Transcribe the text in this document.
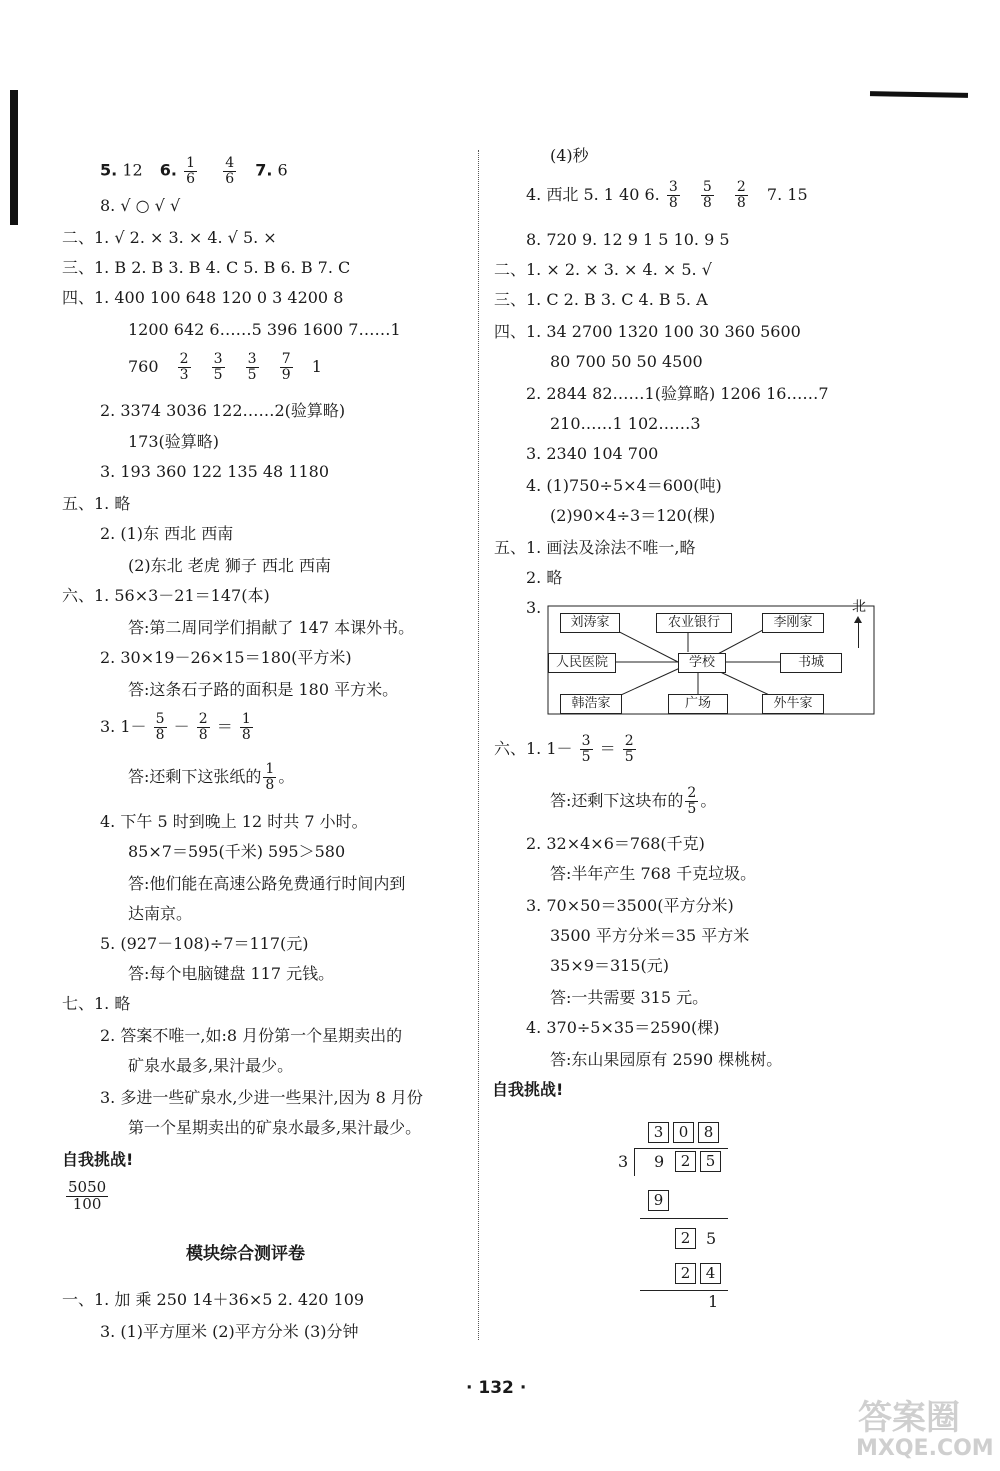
5. 12 6. $\frac{1}{6}$
$\frac{4}{6} 7$. 6
8. √ ○ √ √
二、1. √ 2. × 3. × 4. √ 5. ×
三、1. B 2. B 3. B 4. C 5. B 6. B 7. C
四、1. 400 100 648 120 0 3 4200 8
1200 642 6……5 396 1600 7……1
$760 \frac{2}{3}$
$\frac{3}{5}$
$\frac{3}{5}$
$\frac{7}{9} 1$
2. 3374 3036 122……2(验算略)
173(验算略)
3. 193 360 122 135 48 1180
五、1. 略
2. (1)东 西北 西南
(2)东北 老虎 狮子 西北 西南
六、1. 56×3－21＝147(本)
答:第二周同学们捐献了 147 本课外书。
2. 30×19－26×15＝180(平方米)
答:这条石子路的面积是 180 平方米。
3. $1- \frac{5}{8} - \frac{2}{8} = \frac{1}{8}$
答:还剩下这张纸的 $\frac{1}{8}$ 。
4. 下午 5 时到晚上 12 时共 7 小时。
85×7＝595(千米) 595＞580
答:他们能在高速公路免费通行时间内到
达南京。
5. (927－108)÷7＝117(元)
答:每个电脑键盘 117 元钱。
七、1. 略
2. 答案不唯一,如:8 月份第一个星期卖出的
矿泉水最多,果汁最少。
3. 多进一些矿泉水,少进一些果汁,因为 8 月份
第一个星期卖出的矿泉水最多,果汁最少。
自我挑战!
$\frac{5050}{100}$
模块综合测评卷
一、1. 加 乘 250 14＋36×5 2. 420 109
3. (1)平方厘米 (2)平方分米 (3)分钟
(4)秒
4. 西北 5. 1 40 6. $\frac{3}{8}$
$\frac{5}{8}$
$\frac{2}{8} 7$. 15
8. 720 9. 12 9 1 5 10. 9 5
二、1. × 2. × 3. × 4. × 5. √
三、1. C 2. B 3. C 4. B 5. A
四、1. 34 2700 1320 100 30 360 5600
80 700 50 50 4500
2. 2844 82……1(验算略) 1206 16……7
210……1 102……3
3. 2340 104 700
4. (1)750÷5×4＝600(吨)
(2)90×4÷3＝120(棵)
五、1. 画法及涂法不唯一,略
2. 略
3.
刘涛家	农业银行	李刚家
人民医院	学校	书城
韩浩家	广场	外牛家
北
六、1. $1- \frac{3}{5} = \frac{2}{5}$
答:还剩下这块布的 $\frac{2}{5}$ 。
2. 32×4×6＝768(千克)
答:半年产生 768 千克垃圾。
3. 70×50＝3500(平方分米)
3500 平方分米＝35 平方米
35×9＝315(元)
答:一共需要 315 元。
4. 370÷5×35＝2590(棵)
答:东山果园原有 2590 棵桃树。
自我挑战!
3	0	8
3 9	2	5
9
2 5
2	4
1
· 132 ·
答案圈
MXQE.COM
